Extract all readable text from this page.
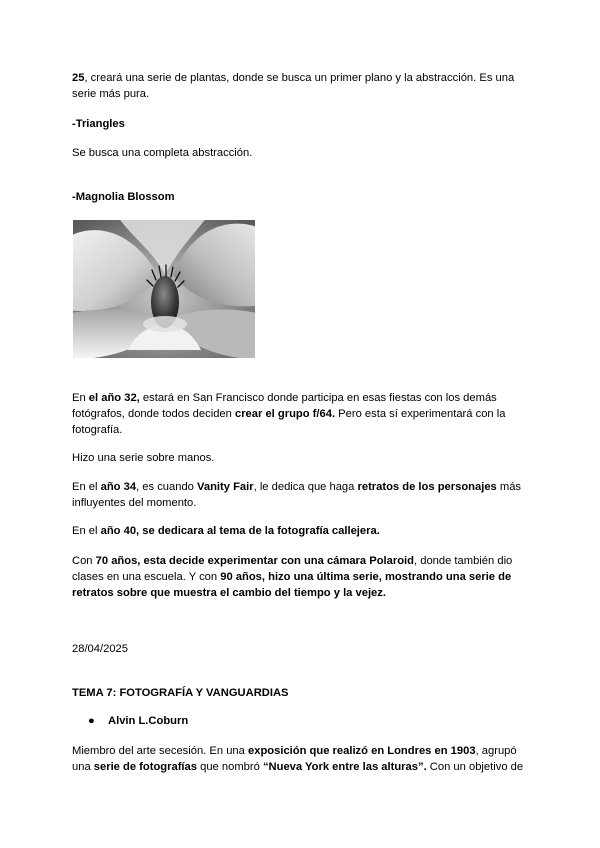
25, creará una serie de plantas, donde se busca un primer plano y la abstracción. Es una serie más pura.

-Triangles

Se busca una completa abstracción.

-Magnolia Blossom

En el año 32, estará en San Francisco donde participa en esas fiestas con los demás fotógrafos, donde todos deciden crear el grupo f/64. Pero esta sí experimentará con la fotografía.

Hizo una serie sobre manos.

En el año 34, es cuando Vanity Fair, le dedica que haga retratos de los personajes más influyentes del momento.

En el año 40, se dedicara al tema de la fotografía callejera.

Con 70 años, esta decide experimentar con una cámara Polaroid, donde también dio clases en una escuela. Y con 90 años, hizo una última serie, mostrando una serie de retratos sobre que muestra el cambio del tiempo y la vejez.

28/04/2025

TEMA 7: FOTOGRAFÍA Y VANGUARDIAS

● Alvin L.Coburn

Miembro del arte secesión. En una exposición que realizó en Londres en 1903, agrupó una serie de fotografías que nombró “Nueva York entre las alturas”. Con un objetivo de
